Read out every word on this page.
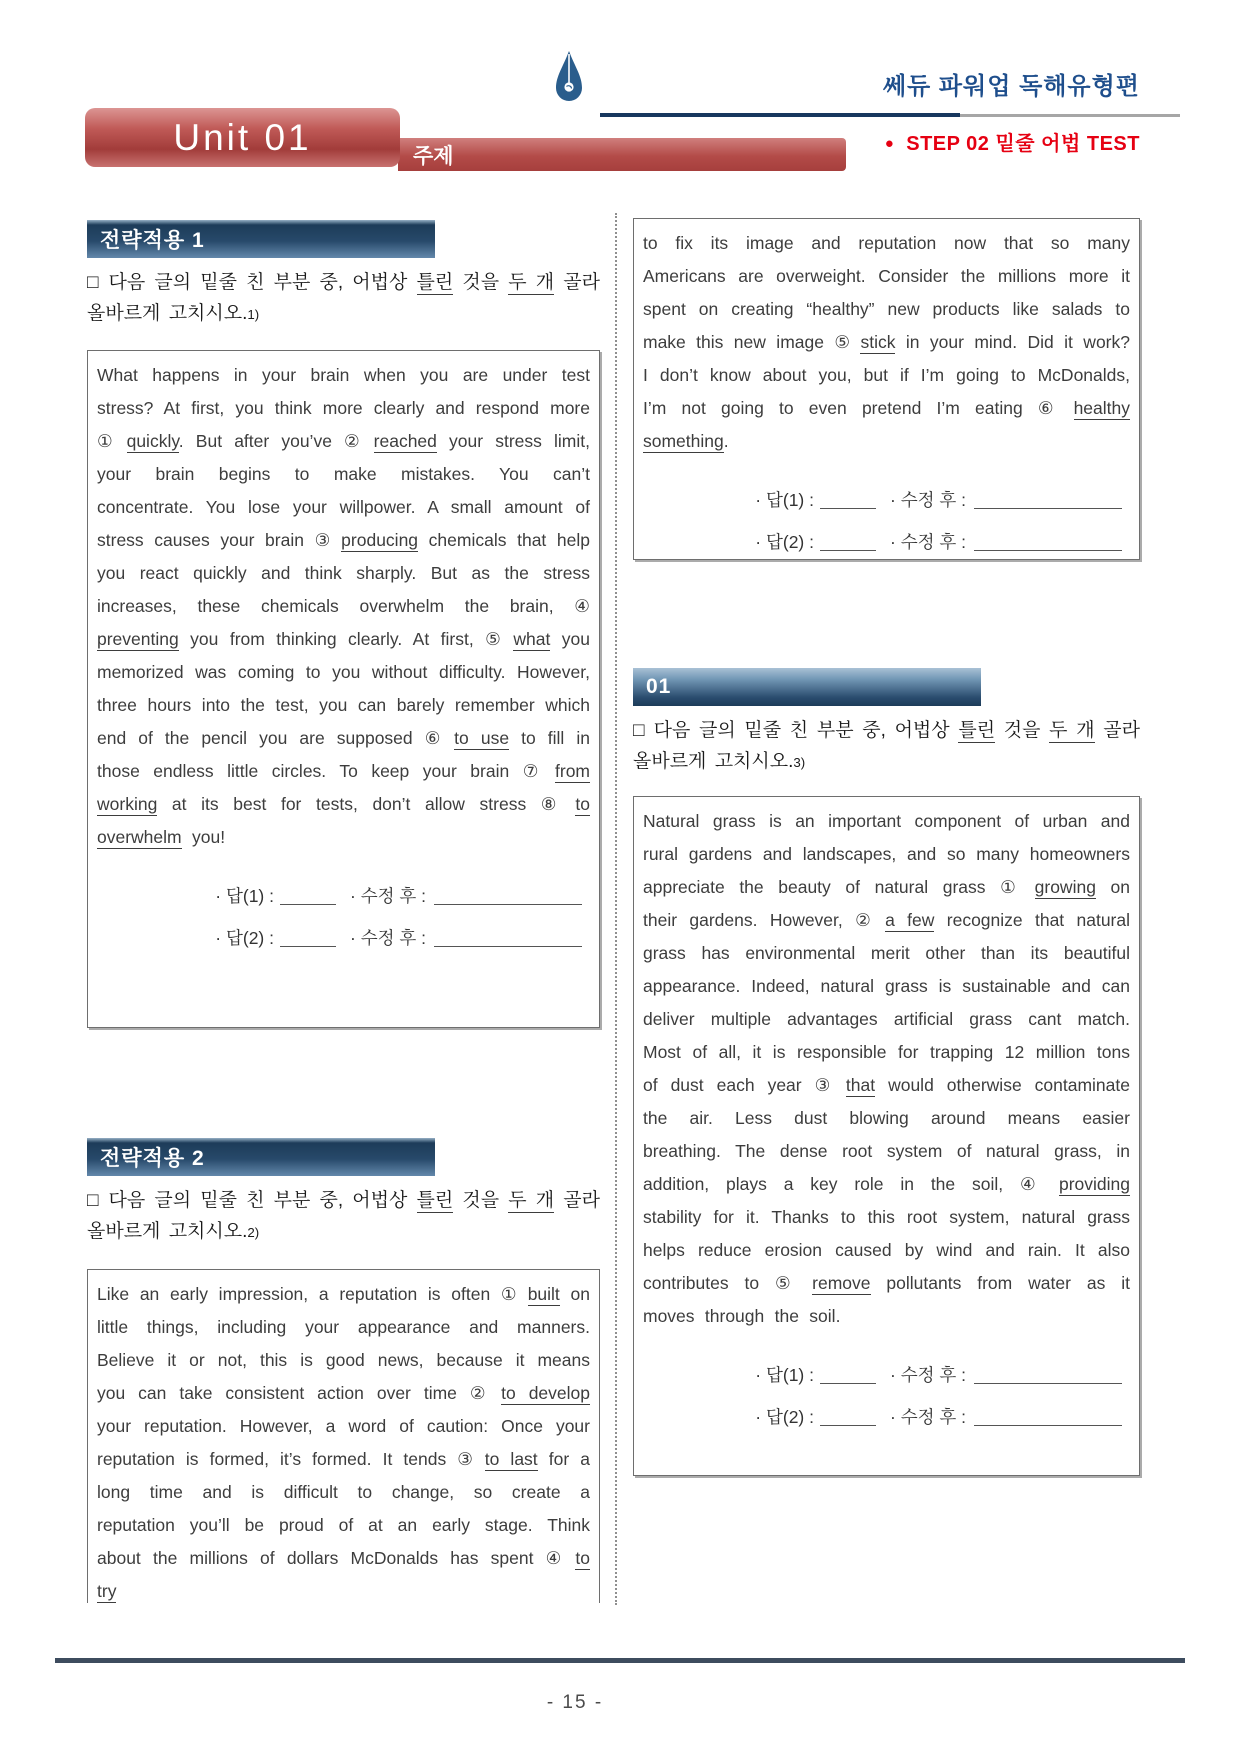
쎄듀 파워업 독해유형편
● STEP 02 밑줄 어법 TEST
Unit 01	주제
전략적용 1
□ 다음 글의 밑줄 친 부분 중, 어법상 틀린 것을 두 개 골라 올바르게 고치시오.1)
What happens in your brain when you are under test stress? At first, you think more clearly and respond more ① quickly. But after you’ve ② reached your stress limit, your brain begins to make mistakes. You can’t concentrate. You lose your willpower. A small amount of stress causes your brain ③ producing chemicals that help you react quickly and think sharply. But as the stress increases, these chemicals overwhelm the brain, ④ preventing you from thinking clearly. At first, ⑤ what you memorized was coming to you without difficulty. However, three hours into the test, you can barely remember which end of the pencil you are supposed ⑥ to use to fill in those endless little circles. To keep your brain ⑦ from working at its best for tests, don’t allow stress ⑧ to overwhelm you!
· 답(1) :	· 수정 후 :
· 답(2) :	· 수정 후 :
전략적용 2
□ 다음 글의 밑줄 친 부분 중, 어법상 틀린 것을 두 개 골라 올바르게 고치시오.2)
Like an early impression, a reputation is often ① built on little things, including your appearance and manners. Believe it or not, this is good news, because it means you can take consistent action over time ② to develop your reputation. However, a word of caution: Once your reputation is formed, it’s formed. It tends ③ to last for a long time and is difficult to change, so create a reputation you’ll be proud of at an early stage. Think about the millions of dollars McDonalds has spent ④ to try
to fix its image and reputation now that so many Americans are overweight. Consider the millions more it spent on creating “healthy” new products like salads to make this new image ⑤ stick in your mind. Did it work? I don’t know about you, but if I’m going to McDonalds, I’m not going to even pretend I’m eating ⑥ healthy something.
· 답(1) :	· 수정 후 :
· 답(2) :	· 수정 후 :
01
□ 다음 글의 밑줄 친 부분 중, 어법상 틀린 것을 두 개 골라 올바르게 고치시오.3)
Natural grass is an important component of urban and rural gardens and landscapes, and so many homeowners appreciate the beauty of natural grass ① growing on their gardens. However, ② a few recognize that natural grass has environmental merit other than its beautiful appearance. Indeed, natural grass is sustainable and can deliver multiple advantages artificial grass cant match. Most of all, it is responsible for trapping 12 million tons of dust each year ③ that would otherwise contaminate the air. Less dust blowing around means easier breathing. The dense root system of natural grass, in addition, plays a key role in the soil, ④ providing stability for it. Thanks to this root system, natural grass helps reduce erosion caused by wind and rain. It also contributes to ⑤ remove pollutants from water as it moves through the soil.
· 답(1) :	· 수정 후 :
· 답(2) :	· 수정 후 :
- 15 -
